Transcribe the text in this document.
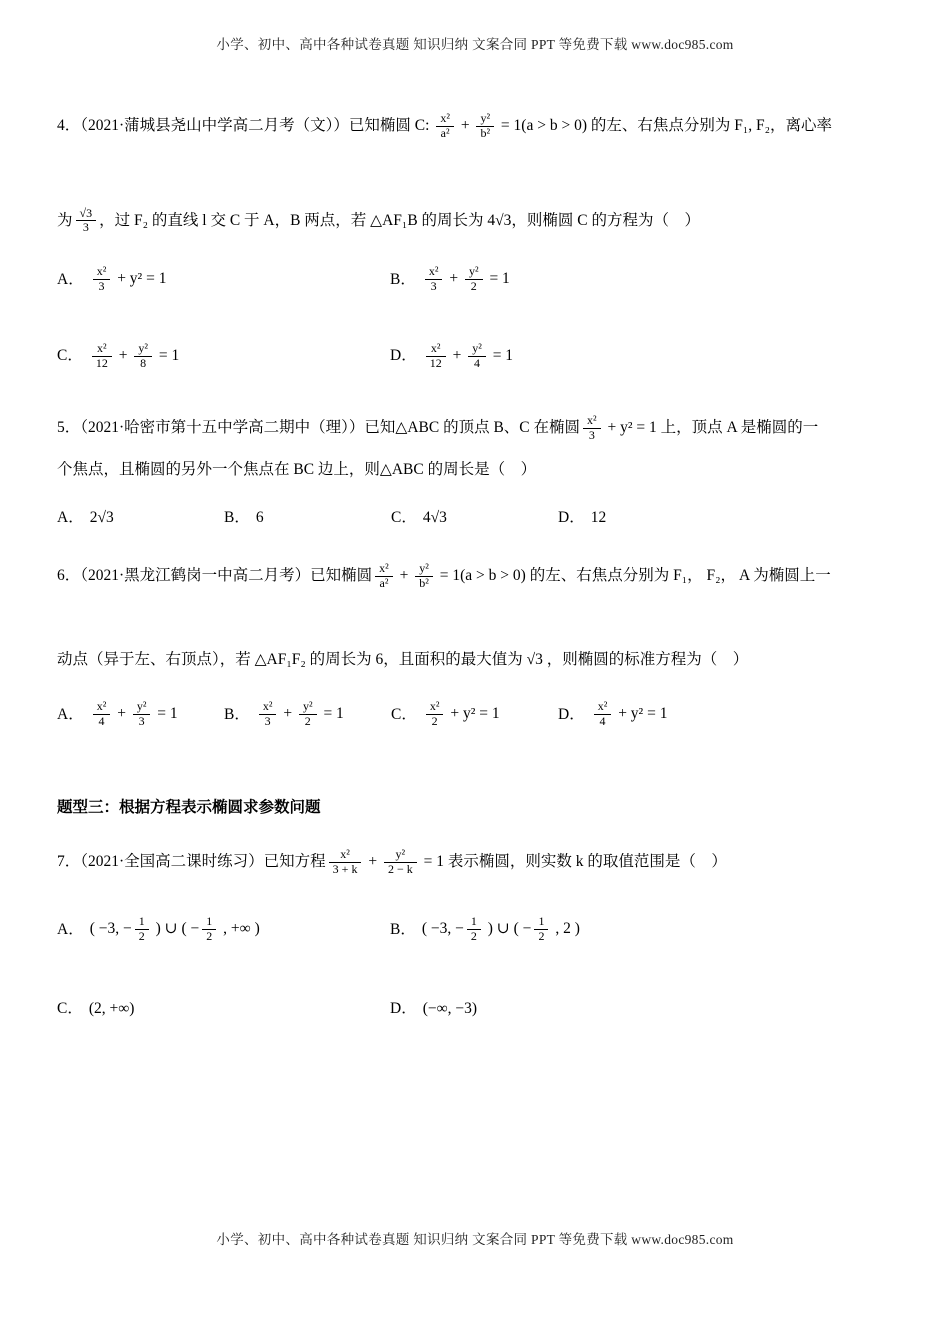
小学、初中、高中各种试卷真题 知识归纳 文案合同 PPT 等免费下载 www.doc985.com

4．（2021·蒲城县尧山中学高二月考（文））已知椭圆 C: $\frac{\text{x²}}{\text{a²}} + \frac{\text{y²}}{\text{b²}} = 1(a > b > 0)$ 的左、右焦点分别为 F₁, F₂，离心率

为 $\frac{√3}{3}$ ，过 F₂ 的直线 l 交 C 于 A，B 两点，若 △AF₁B 的周长为 4√3，则椭圆 C 的方程为（　）

A． $\frac{\text{x²}}{3} + y^2 = 1$	B． $\frac{\text{x²}}{3} + \frac{\text{y²}}{2} = 1$
C． $\frac{\text{x²}}{12} + \frac{\text{y²}}{8} = 1$	D． $\frac{\text{x²}}{12} + \frac{\text{y²}}{4} = 1$

5．（2021·哈密市第十五中学高二期中（理））已知△ABC 的顶点 B、C 在椭圆 $\frac{\text{x²}}{3} + y^2 = 1$ 上，顶点 A 是椭圆的一

个焦点，且椭圆的另外一个焦点在 BC 边上，则△ABC 的周长是（　）

A． 2√3	B． 6	C． 4√3	D． 12

6．（2021·黑龙江鹤岗一中高二月考）已知椭圆 $\frac{\text{x²}}{\text{a²}} + \frac{\text{y²}}{\text{b²}} = 1(a > b > 0)$ 的左、右焦点分别为 F₁， F₂， A 为椭圆上一

动点（异于左、右顶点），若 △AF₁F₂ 的周长为 6，且面积的最大值为 √3 ，则椭圆的标准方程为（　）

A． $\frac{\text{x²}}{4} + \frac{\text{y²}}{3} = 1$	B． $\frac{\text{x²}}{3} + \frac{\text{y²}}{2} = 1$	C． $\frac{\text{x²}}{2} + y^2 = 1$	D． $\frac{\text{x²}}{4} + y^2 = 1$
题型三：根据方程表示椭圆求参数问题

7．（2021·全国高二课时练习）已知方程 $\frac{\text{x²}}{3 + k} + \frac{\text{y²}}{2 - k} = 1$ 表示椭圆，则实数 k 的取值范围是（　）

A． ( −3, − $\frac{1}{2}$ ) ∪ ( − $\frac{1}{2}$ , +∞ )	B． ( −3, − $\frac{1}{2}$ ) ∪ ( − $\frac{1}{2}$ , 2 )
C． (2, +∞)	D． (−∞, −3)
小学、初中、高中各种试卷真题 知识归纳 文案合同 PPT 等免费下载 www.doc985.com
